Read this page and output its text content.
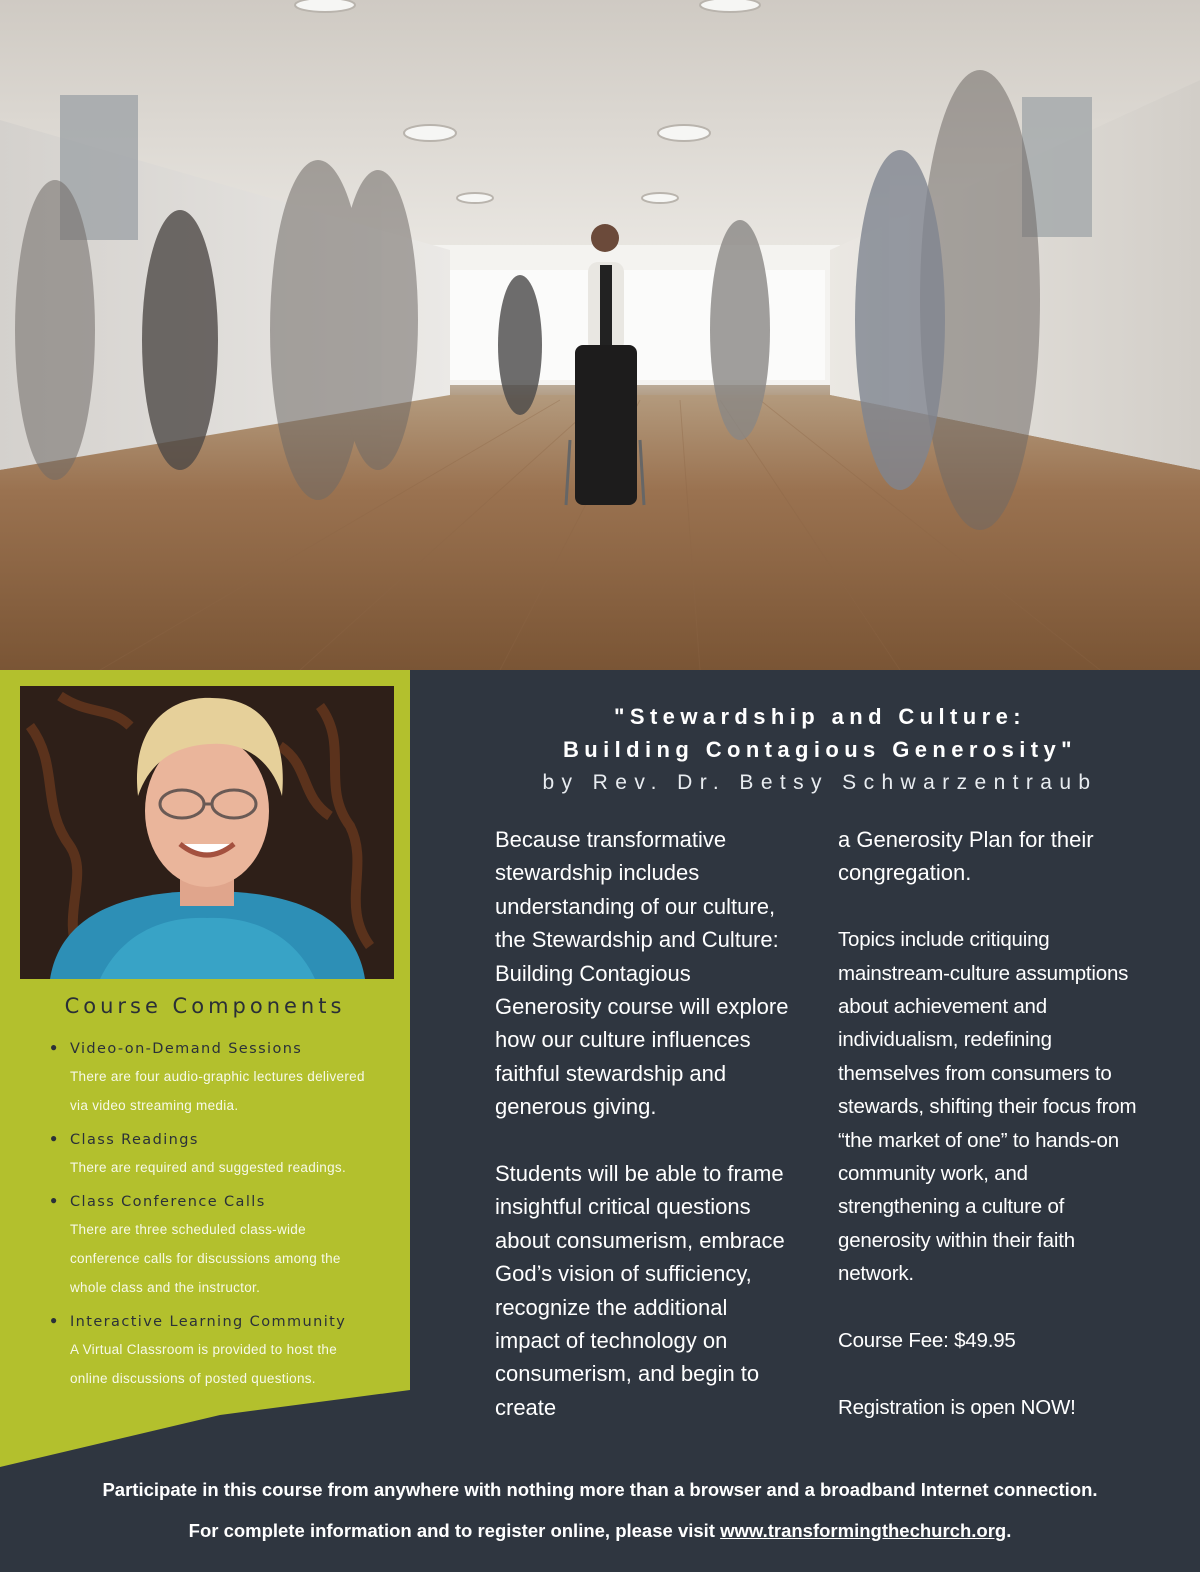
Course Components
● Video-on-Demand Sessions
There are four audio-graphic lectures delivered via video streaming media.
● Class Readings
There are required and suggested readings.
● Class Conference Calls
There are three scheduled class-wide conference calls for discussions among the whole class and the instructor.
● Interactive Learning Community
A Virtual Classroom is provided to host the online discussions of posted questions.
"Stewardship and Culture:
Building Contagious Generosity"
by Rev. Dr. Betsy Schwarzentraub

Because transformative stewardship includes understanding of our culture, the Stewardship and Culture: Building Contagious Generosity course will explore how our culture influences faithful stewardship and generous giving.

Students will be able to frame insightful critical questions about consumerism, embrace God’s vision of sufficiency, recognize the additional impact of technology on consumerism, and begin to create

a Generosity Plan for their congregation.

Topics include critiquing mainstream-culture assumptions about achievement and individualism, redefining themselves from consumers to stewards, shifting their focus from “the market of one” to hands-on community work, and strengthening a culture of generosity within their faith network.

Course Fee: $49.95

Registration is open NOW!

Participate in this course from anywhere with nothing more than a browser and a broadband Internet connection.
For complete information and to register online, please visit www.transformingthechurch.org.
